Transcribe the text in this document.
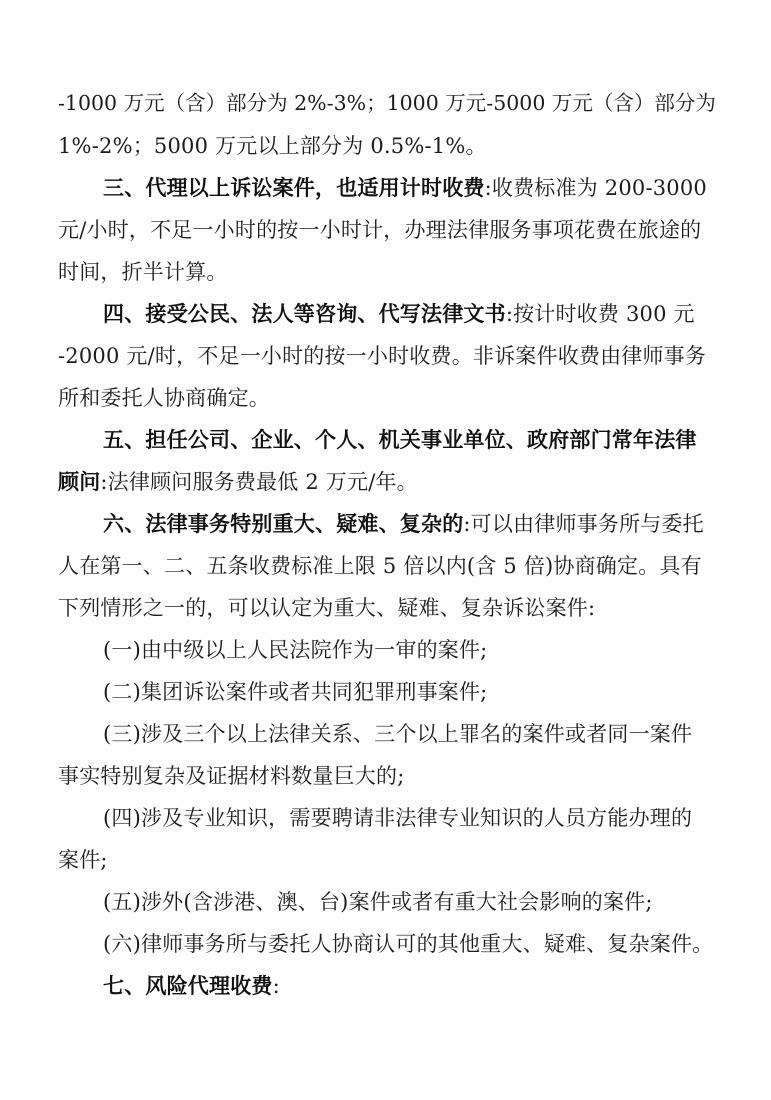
-1000 万元（含）部分为 2%-3%；1000 万元-5000 万元（含）部分为
1%-2%；5000 万元以上部分为 0.5%-1%。
三、代理以上诉讼案件，也适用计时收费:收费标准为 200-3000
元/小时，不足一小时的按一小时计，办理法律服务事项花费在旅途的
时间，折半计算。
四、接受公民、法人等咨询、代写法律文书:按计时收费 300 元
-2000 元/时，不足一小时的按一小时收费。非诉案件收费由律师事务
所和委托人协商确定。
五、担任公司、企业、个人、机关事业单位、政府部门常年法律
顾问:法律顾问服务费最低 2 万元/年。
六、法律事务特别重大、疑难、复杂的:可以由律师事务所与委托
人在第一、二、五条收费标准上限 5 倍以内(含 5 倍)协商确定。具有
下列情形之一的，可以认定为重大、疑难、复杂诉讼案件:
(一)由中级以上人民法院作为一审的案件;
(二)集团诉讼案件或者共同犯罪刑事案件;
(三)涉及三个以上法律关系、三个以上罪名的案件或者同一案件
事实特别复杂及证据材料数量巨大的;
(四)涉及专业知识，需要聘请非法律专业知识的人员方能办理的
案件;
(五)涉外(含涉港、澳、台)案件或者有重大社会影响的案件;
(六)律师事务所与委托人协商认可的其他重大、疑难、复杂案件。
七、风险代理收费:
